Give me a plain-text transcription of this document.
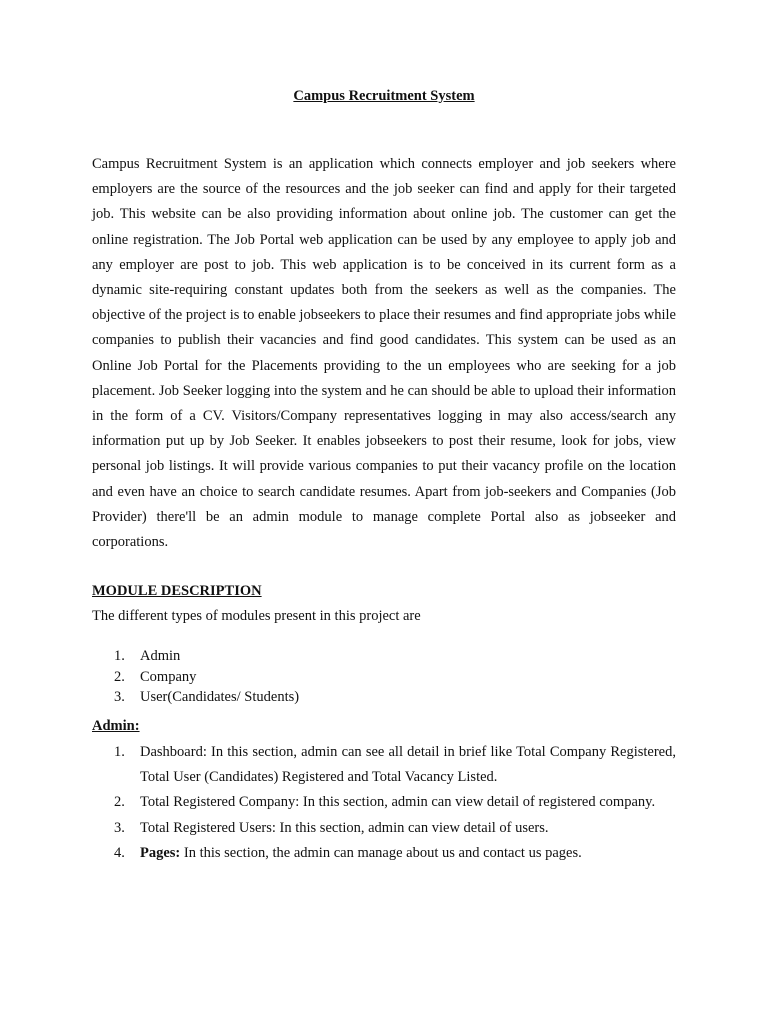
Campus Recruitment System

Campus Recruitment System is an application which connects employer and job seekers where employers are the source of the resources and the job seeker can find and apply for their targeted job. This website can be also providing information about online job. The customer can get the online registration. The Job Portal web application can be used by any employee to apply job and any employer are post to job. This web application is to be conceived in its current form as a dynamic site-requiring constant updates both from the seekers as well as the companies. The objective of the project is to enable jobseekers to place their resumes and find appropriate jobs while companies to publish their vacancies and find good candidates. This system can be used as an Online Job Portal for the Placements providing to the un employees who are seeking for a job placement. Job Seeker logging into the system and he can should be able to upload their information in the form of a CV. Visitors/Company representatives logging in may also access/search any information put up by Job Seeker. It enables jobseekers to post their resume, look for jobs, view personal job listings. It will provide various companies to put their vacancy profile on the location and even have an choice to search candidate resumes. Apart from job-seekers and Companies (Job Provider) there'll be an admin module to manage complete Portal also as jobseeker and corporations.

MODULE DESCRIPTION

The different types of modules present in this project are

1. Admin
2. Company
3. User(Candidates/ Students)
Admin:
1. Dashboard: In this section, admin can see all detail in brief like Total Company Registered, Total User (Candidates) Registered and Total Vacancy Listed.
2. Total Registered Company: In this section, admin can view detail of registered company.
3. Total Registered Users: In this section, admin can view detail of users.
4. Pages: In this section, the admin can manage about us and contact us pages.
